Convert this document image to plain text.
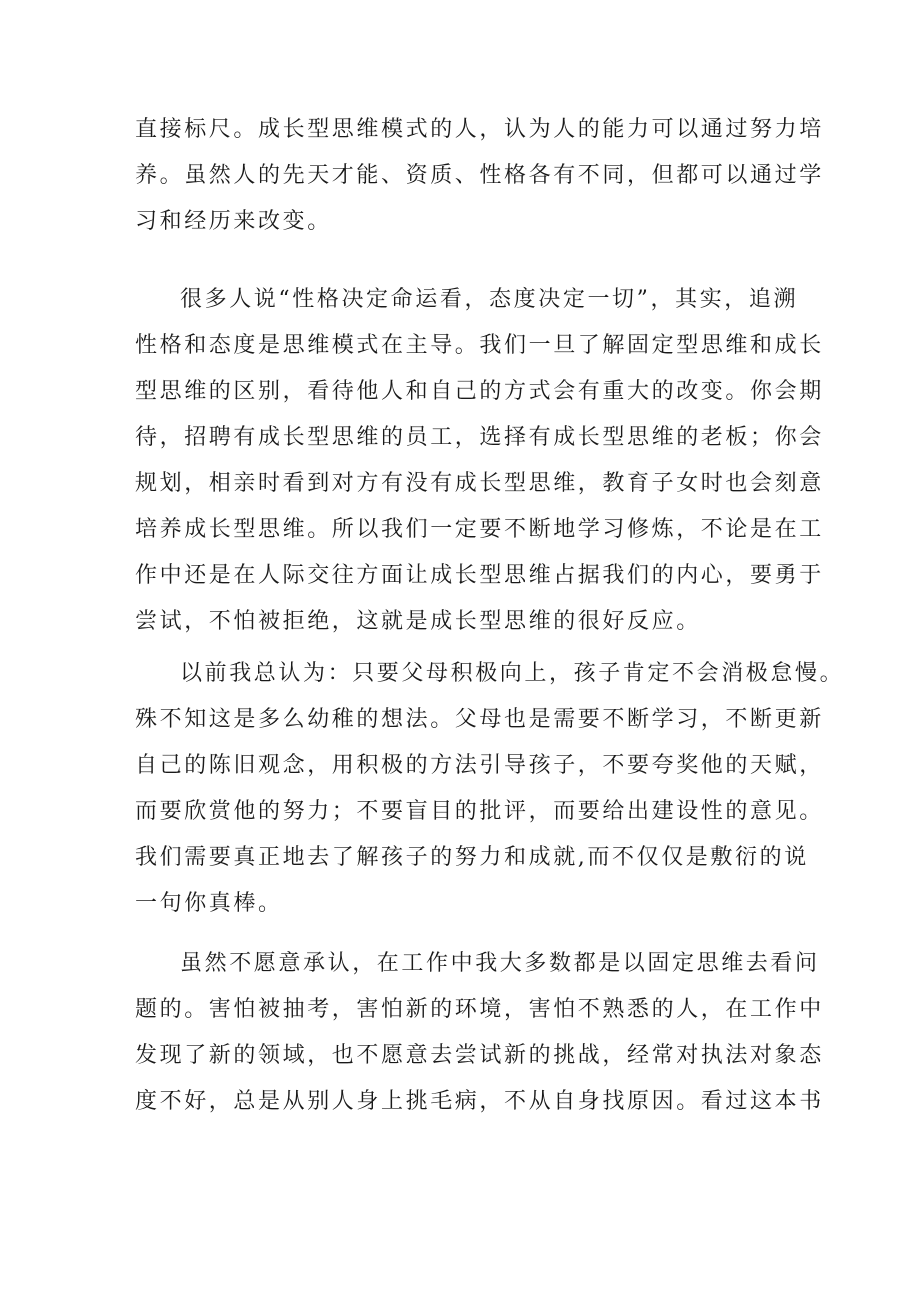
直接标尺。成长型思维模式的人，认为人的能力可以通过努力培
养。虽然人的先天才能、资质、性格各有不同，但都可以通过学
习和经历来改变。
很多人说“性格决定命运看，态度决定一切”，其实，追溯
性格和态度是思维模式在主导。我们一旦了解固定型思维和成长
型思维的区别，看待他人和自己的方式会有重大的改变。你会期
待，招聘有成长型思维的员工，选择有成长型思维的老板；你会
规划，相亲时看到对方有没有成长型思维，教育子女时也会刻意
培养成长型思维。所以我们一定要不断地学习修炼，不论是在工
作中还是在人际交往方面让成长型思维占据我们的内心，要勇于
尝试，不怕被拒绝，这就是成长型思维的很好反应。
以前我总认为：只要父母积极向上，孩子肯定不会消极怠慢。
殊不知这是多么幼稚的想法。父母也是需要不断学习，不断更新
自己的陈旧观念，用积极的方法引导孩子，不要夸奖他的天赋，
而要欣赏他的努力；不要盲目的批评，而要给出建设性的意见。
我们需要真正地去了解孩子的努力和成就,而不仅仅是敷衍的说
一句你真棒。
虽然不愿意承认，在工作中我大多数都是以固定思维去看问
题的。害怕被抽考，害怕新的环境，害怕不熟悉的人，在工作中
发现了新的领域，也不愿意去尝试新的挑战，经常对执法对象态
度不好，总是从别人身上挑毛病，不从自身找原因。看过这本书
